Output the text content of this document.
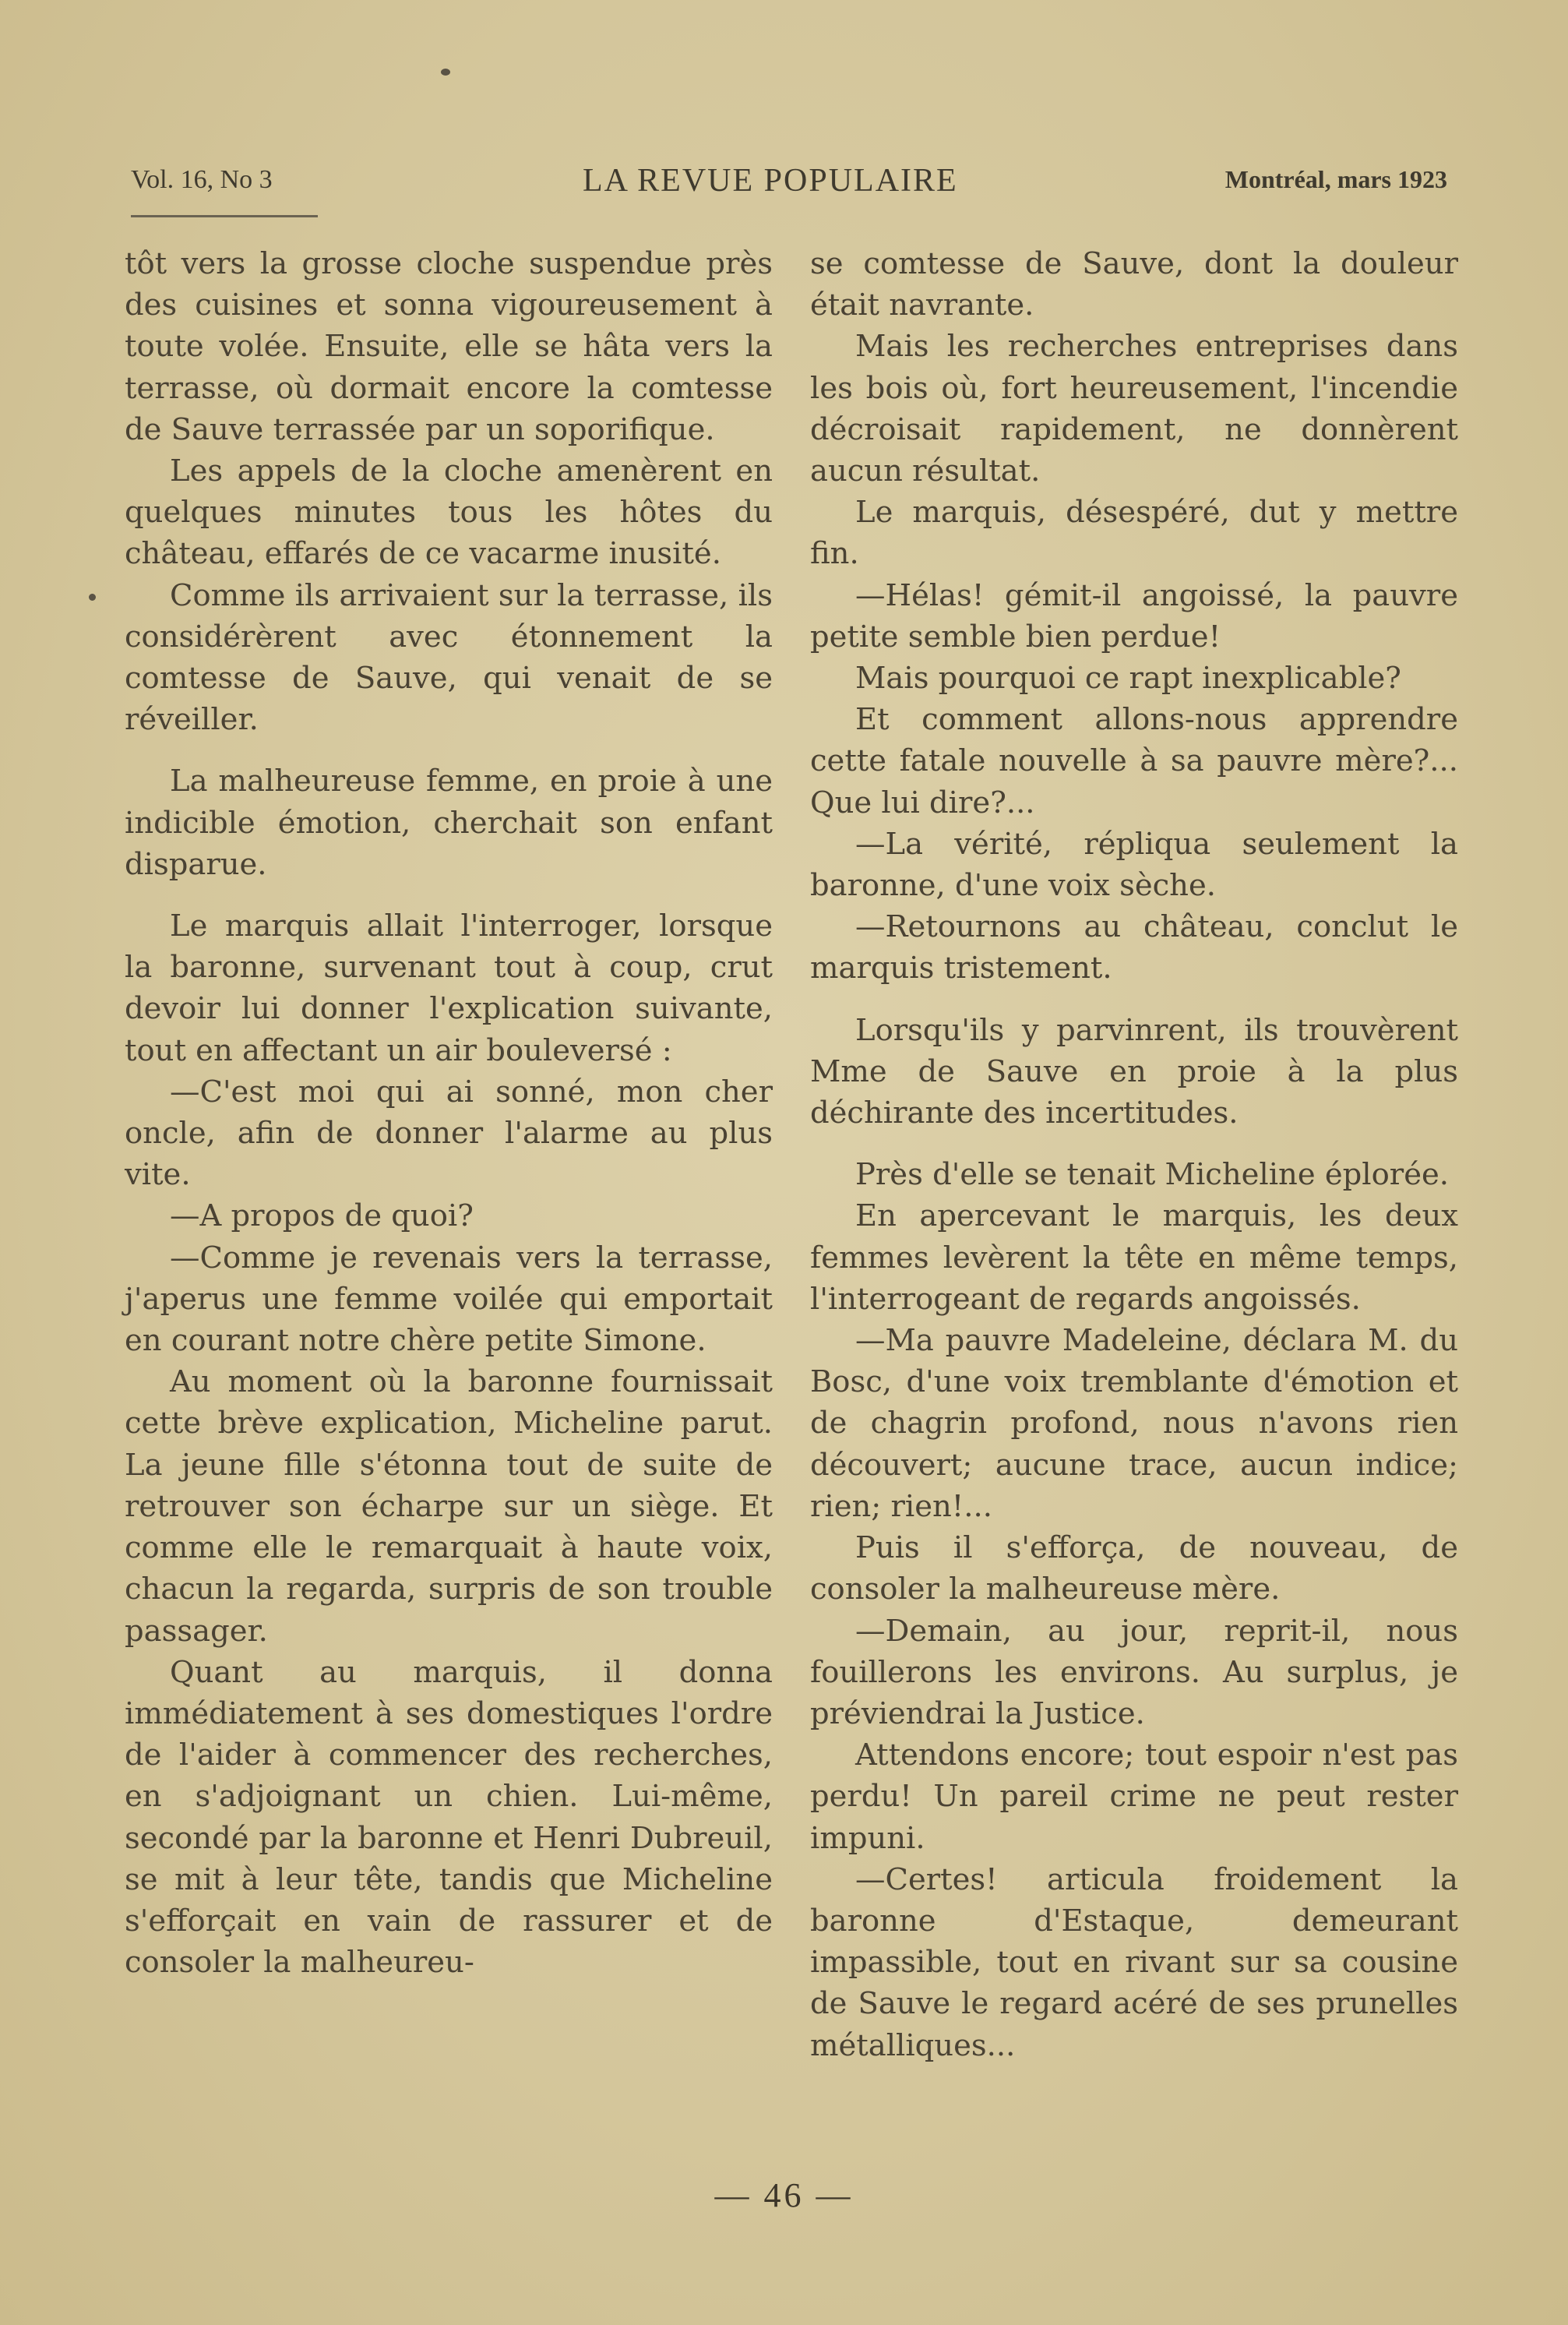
Vol. 16, No 3	LA REVUE POPULAIRE	Montréal, mars 1923

tôt vers la grosse cloche suspendue près des cuisines et sonna vigoureusement à toute volée. Ensuite, elle se hâta vers la terrasse, où dormait encore la comtesse de Sauve terrassée par un soporifique.

Les appels de la cloche amenèrent en quelques minutes tous les hôtes du château, effarés de ce vacarme inusité.

Comme ils arrivaient sur la terrasse, ils considérèrent avec étonnement la comtesse de Sauve, qui venait de se réveiller.

La malheureuse femme, en proie à une indicible émotion, cherchait son enfant disparue.

Le marquis allait l'interroger, lorsque la baronne, survenant tout à coup, crut devoir lui donner l'explication suivante, tout en affectant un air bouleversé :

—C'est moi qui ai sonné, mon cher oncle, afin de donner l'alarme au plus vite.

—A propos de quoi?

—Comme je revenais vers la terrasse, j'aperus une femme voilée qui emportait en courant notre chère petite Simone.

Au moment où la baronne fournissait cette brève explication, Micheline parut. La jeune fille s'étonna tout de suite de retrouver son écharpe sur un siège. Et comme elle le remarquait à haute voix, chacun la regarda, surpris de son trouble passager.

Quant au marquis, il donna immédiatement à ses domestiques l'ordre de l'aider à commencer des recherches, en s'adjoignant un chien. Lui-même, secondé par la baronne et Henri Dubreuil, se mit à leur tête, tandis que Micheline s'efforçait en vain de rassurer et de consoler la malheureu-

se comtesse de Sauve, dont la douleur était navrante.

Mais les recherches entreprises dans les bois où, fort heureusement, l'incendie décroisait rapidement, ne donnèrent aucun résultat.

Le marquis, désespéré, dut y mettre fin.

—Hélas! gémit-il angoissé, la pauvre petite semble bien perdue!

Mais pourquoi ce rapt inexplicable?

Et comment allons-nous apprendre cette fatale nouvelle à sa pauvre mère?... Que lui dire?...

—La vérité, répliqua seulement la baronne, d'une voix sèche.

—Retournons au château, conclut le marquis tristement.

Lorsqu'ils y parvinrent, ils trouvèrent Mme de Sauve en proie à la plus déchirante des incertitudes.

Près d'elle se tenait Micheline éplorée.

En apercevant le marquis, les deux femmes levèrent la tête en même temps, l'interrogeant de regards angoissés.

—Ma pauvre Madeleine, déclara M. du Bosc, d'une voix tremblante d'émotion et de chagrin profond, nous n'avons rien découvert; aucune trace, aucun indice; rien; rien!...

Puis il s'efforça, de nouveau, de consoler la malheureuse mère.

—Demain, au jour, reprit-il, nous fouillerons les environs. Au surplus, je préviendrai la Justice.

Attendons encore; tout espoir n'est pas perdu! Un pareil crime ne peut rester impuni.

—Certes! articula froidement la baronne d'Estaque, demeurant impassible, tout en rivant sur sa cousine de Sauve le regard acéré de ses prunelles métalliques...

— 46 —
